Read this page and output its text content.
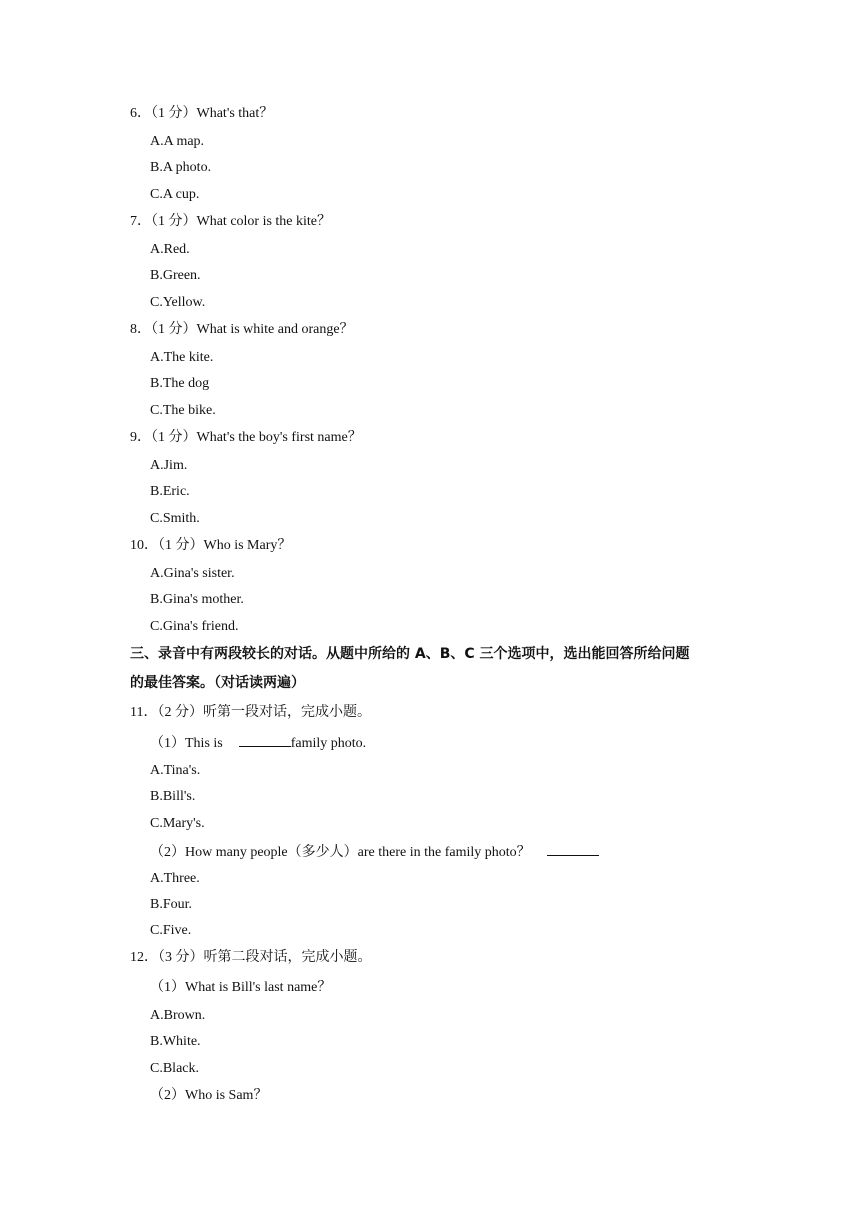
6．（1 分）What's that？
A.A map.
B.A photo.
C.A cup.
7．（1 分）What color is the kite？
A.Red.
B.Green.
C.Yellow.
8．（1 分）What is white and orange？
A.The kite.
B.The dog
C.The bike.
9．（1 分）What's the boy's first name？
A.Jim.
B.Eric.
C.Smith.
10．（1 分）Who is Mary？
A.Gina's sister.
B.Gina's mother.
C.Gina's friend.
三、录音中有两段较长的对话。从题中所给的 A、B、C 三个选项中，选出能回答所给问题
的最佳答案。（对话读两遍）
11．（2 分）听第一段对话，完成小题。
（1）This is	family photo.
A.Tina's.
B.Bill's.
C.Mary's.
（2）How many people（多少人）are there in the family photo？
A.Three.
B.Four.
C.Five.
12．（3 分）听第二段对话，完成小题。
（1）What is Bill's last name？
A.Brown.
B.White.
C.Black.
（2）Who is Sam？
